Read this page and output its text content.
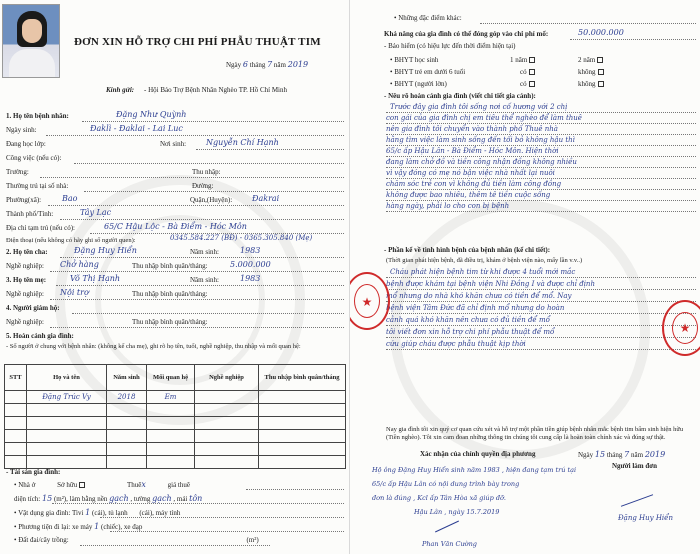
ĐƠN XIN HỖ TRỢ CHI PHÍ PHẪU THUẬT TIM
Ngày 6 tháng 7 năm 2019
Kính gửi: - Hội Bảo Trợ Bệnh Nhân Nghèo TP. Hồ Chí Minh
1. Họ tên bệnh nhân:	Đặng Như Quỳnh
Ngày sinh:	Ðaklì - Đaklai - Lai Luc
Đang học lớp:	Nơi sinh: Nguyễn Chí Hạnh
Công việc (nếu có):
Trường:	Thu nhập:
Thường trú tại số nhà:	Đường:
Phường(xã):	Bao	Quận,(Huyện): Đakrai
Thành phố/Tỉnh:	Tây Lạc
Địa chỉ tạm trú (nếu có):	65/C Hậu Lộc - Bà Điểm - Hóc Môn
Điện thoại (nếu không có hãy ghi số người quen):	0345.584.227 (BĐ) - 0365.305.840 (Mẹ)
2. Họ tên cha:	Đặng Huy Hiển	Năm sinh:	1983
Nghề nghiệp: Chở hàng	Thu nhập bình quân/tháng:	5.000.000
3. Họ tên mẹ:	Võ Thị Hạnh	Năm sinh:	1983
Nghề nghiệp: Nội trợ	Thu nhập bình quân/tháng:
4. Người giám hộ:
Nghề nghiệp:	Thu nhập bình quân/tháng:
5. Hoàn cảnh gia đình:
- Số người ở chung với bệnh nhân: (không kể cha mẹ), ghi rõ họ tên, tuổi, nghề nghiệp, thu nhập và mối quan hệ:
STT	Họ và tên	Năm sinh	Mối quan hệ	Nghề nghiệp	Thu nhập bình quân/tháng
	Đặng Trúc Vy	2018	Em		

- Tài sản gia đình:
• Nhà ở	Sở hữu	Thuêx	giá thuê
diện tích: 15 (m²), làm bằng nền gạch , tường gạch , mái tôn
• Vật dụng gia đình: Tivi 1 (cái), tủ lạnh (cái), máy tính
• Phương tiện đi lại: xe máy 1 (chiếc), xe đạp
• Đất đai/cây trồng:	(m²)
• Những đặc điểm khác:
Khả năng của gia đình có thể đóng góp vào chi phí mổ:	50.000.000
- Bảo hiểm (có hiệu lực đến thời điểm hiện tại)
• BHYT học sinh	1 năm	2 năm
• BHYT trẻ em dưới 6 tuổi	có	không
• BHYT (người lờn)	có	không
- Nêu rõ hoàn cảnh gia đình (viết chi tiết gia cảnh):
Trước đây gia đình tôi sống nơi cố hương với 2 chị
con gái của gia đình chị em tiêu thể nghèo để làm thuê
nên gia đình tôi chuyển vào thành phố Thuê nhà
hằng tìm việc làm sinh sống đến tối bỏ không hậu thì
65/c ấp Hậu Lân - Bà Điểm - Hóc Môn. Hiện thời
đang làm chở đồ và tiền công nhận đồng không nhiều
vì vậy đóng có mẹ nó bận việc nhà nhất lại nuôi
chăm sóc trẻ con vì không đủ tiền làm công đồng
không được bao nhiêu, thêm tê tiền cuộc sống
hàng ngày, phải lo cho con bị bệnh
- Phần kể về tình hình bệnh của bệnh nhân (kể chi tiết):
(Thời gian phát hiện bệnh, đã điều trị, khám ở bệnh viện nào, mấy lần v.v..)
Cháu phát hiện bệnh tim từ khi được 4 tuổi mới mắc
bệnh được khám tại bệnh viện Nhi Đồng I và được chỉ định
mổ nhưng do nhà khó khăn chưa có tiền để mổ. Nay
bệnh viện Tâm Đức đã chỉ định mổ nhưng do hoàn
cảnh quá khó khăn nên chưa có đủ tiền để mổ
tôi viết đơn xin hỗ trợ chi phí phẫu thuật để mổ
cứu giúp cháu được phẫu thuật kịp thời
★
★
Nay gia đình tôi xin quý cơ quan cứu xét và hỗ trợ một phần tiền giúp bệnh nhân mắc bệnh tim bẩm sinh hiện hữu (Tiền nghèo). Tôi xin cam đoan những thông tin chúng tôi cung cấp là hoàn toàn chính xác và đúng sự thật.
Xác nhận của chính quyền địa phương	Ngày 15 tháng 7 năm 2019
Người làm đơn
Hộ ông Đặng Huy Hiển sinh năm 1983 , hiện đang tạm trú tại
65/c ấp Hậu Lân có nội dung trình bày trong
đơn là đúng , Kcl ấp Tân Hòa xã giúp đỡ.
Hậu Lân , ngày 15.7.2019
Đặng Huy Hiển
Phan Văn Cường
